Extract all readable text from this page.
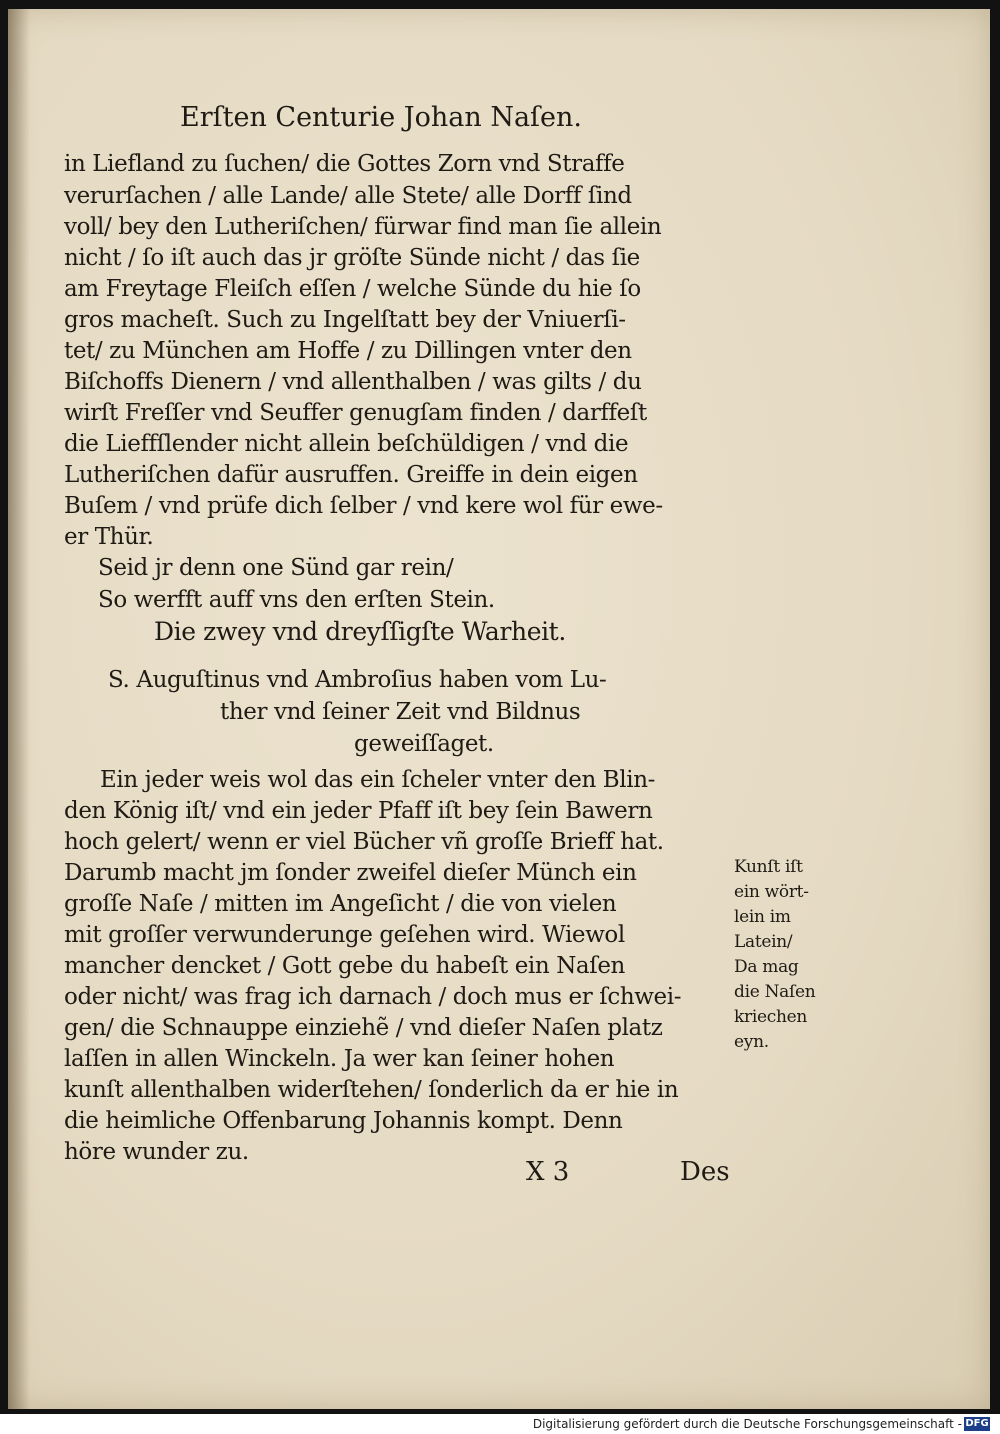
Erſten Centurie Johan Naſen.
in Liefland zu ſuchen/ die Gottes Zorn vnd Straffe
verurſachen / alle Lande/ alle Stete/ alle Dorff ſind
voll/ bey den Lutheriſchen/ fürwar find man ſie allein
nicht / ſo iſt auch das jr gröſte Sünde nicht / das ſie
am Freytage Fleiſch eſſen / welche Sünde du hie ſo
gros macheſt. Such zu Ingelſtatt bey der Vniuerſi-
tet/ zu München am Hoffe / zu Dillingen vnter den
Biſchoffs Dienern / vnd allenthalben / was gilts / du
wirſt Freſſer vnd Seuffer genugſam finden / darffeſt
die Lieffſlender nicht allein beſchüldigen / vnd die
Lutheriſchen dafür ausruffen. Greiffe in dein eigen
Buſem / vnd prüfe dich ſelber / vnd kere wol für ewe-
er Thür.
Seid jr denn one Sünd gar rein/
So werfft auff vns den erſten Stein.
Die zwey vnd dreyſſigſte Warheit.
S. Auguſtinus vnd Ambroſius haben vom Lu-
ther vnd ſeiner Zeit vnd Bildnus
geweiſſaget.
Ein jeder weis wol das ein ſcheler vnter den Blin-
den König iſt/ vnd ein jeder Pfaff iſt bey ſein Bawern
hoch gelert/ wenn er viel Bücher vñ groſſe Brieff hat.
Darumb macht jm ſonder zweifel dieſer Münch ein
groſſe Naſe / mitten im Angeſicht / die von vielen
mit groſſer verwunderunge geſehen wird. Wiewol
mancher dencket / Gott gebe du habeſt ein Naſen
oder nicht/ was frag ich darnach / doch mus er ſchwei-
gen/ die Schnauppe einziehẽ / vnd dieſer Naſen platz
laſſen in allen Winckeln. Ja wer kan ſeiner hohen
kunſt allenthalben widerſtehen/ ſonderlich da er hie in
die heimliche Offenbarung Johannis kompt. Denn
höre wunder zu.
Kunſt iſt
ein wört-
lein im
Latein/
Da mag
die Naſen
kriechen
eyn.
X 3	Des
Digitalisierung gefördert durch die Deutsche Forschungsgemeinschaft - DFG
